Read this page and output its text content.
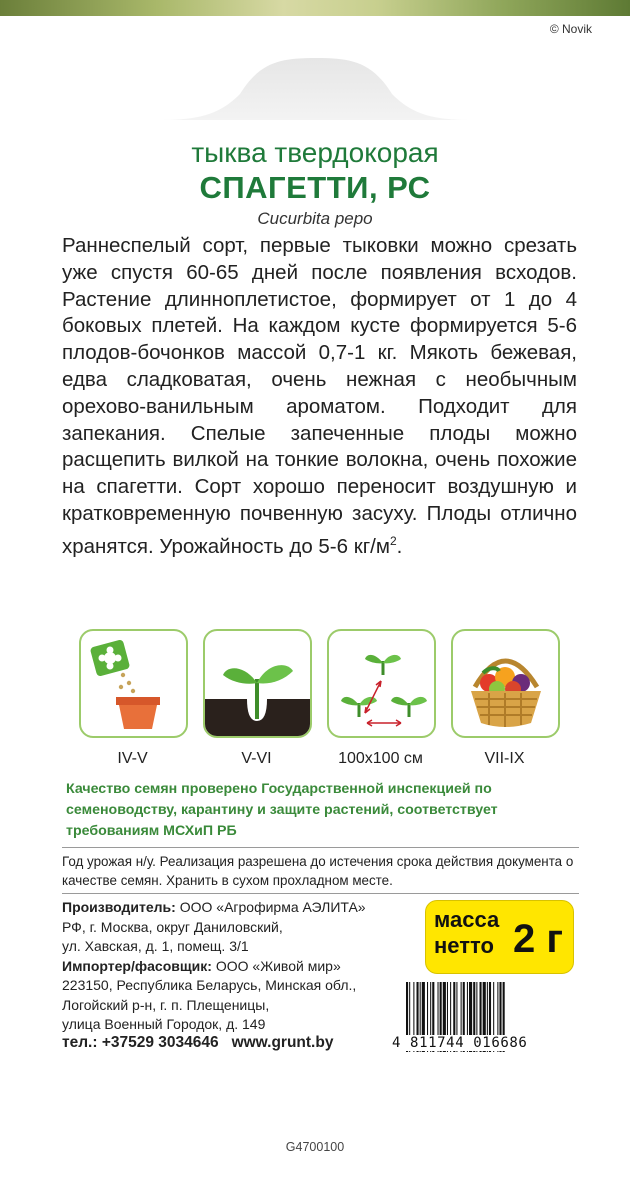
© Novik
тыква твердокорая
СПАГЕТТИ, РС
Cucurbita pepo
Раннеспелый сорт, первые тыковки можно срезать уже спустя 60-65 дней после появления всходов. Растение длинноплетистое, формирует от 1 до 4 боковых плетей. На каждом кусте формируется 5-6 плодов-бочонков массой 0,7-1 кг. Мякоть бежевая, едва сладковатая, очень нежная с необычным орехово-ванильным ароматом. Подходит для запекания. Спелые запеченные плоды можно расщепить вилкой на тонкие волокна, очень похожие на спагетти. Сорт хорошо переносит воздушную и кратковременную почвенную засуху. Плоды отлично хранятся. Урожайность до 5-6 $кг/м^2$.
IV-V	V-VI	100x100 см	VII-IX
Качество семян проверено Государственной инспекцией по семеноводству, карантину и защите растений, соответствует требованиям МСХиП РБ
Год урожая н/у. Реализация разрешена до истечения срока действия документа о качестве семян. Хранить в сухом прохладном месте.
Производитель: ООО «Агрофирма АЭЛИТА»
РФ, г. Москва, округ Даниловский,
ул. Хавская, д. 1, помещ. 3/1
Импортер/фасовщик: ООО «Живой мир»
223150, Республика Беларусь, Минская обл.,
Логойский р-н, г. п. Плещеницы,
улица Военный Городок, д. 149
тел.: +37529 3034646 www.grunt.by
масса
нетто 2 г
4 811744 016686
G4700100
